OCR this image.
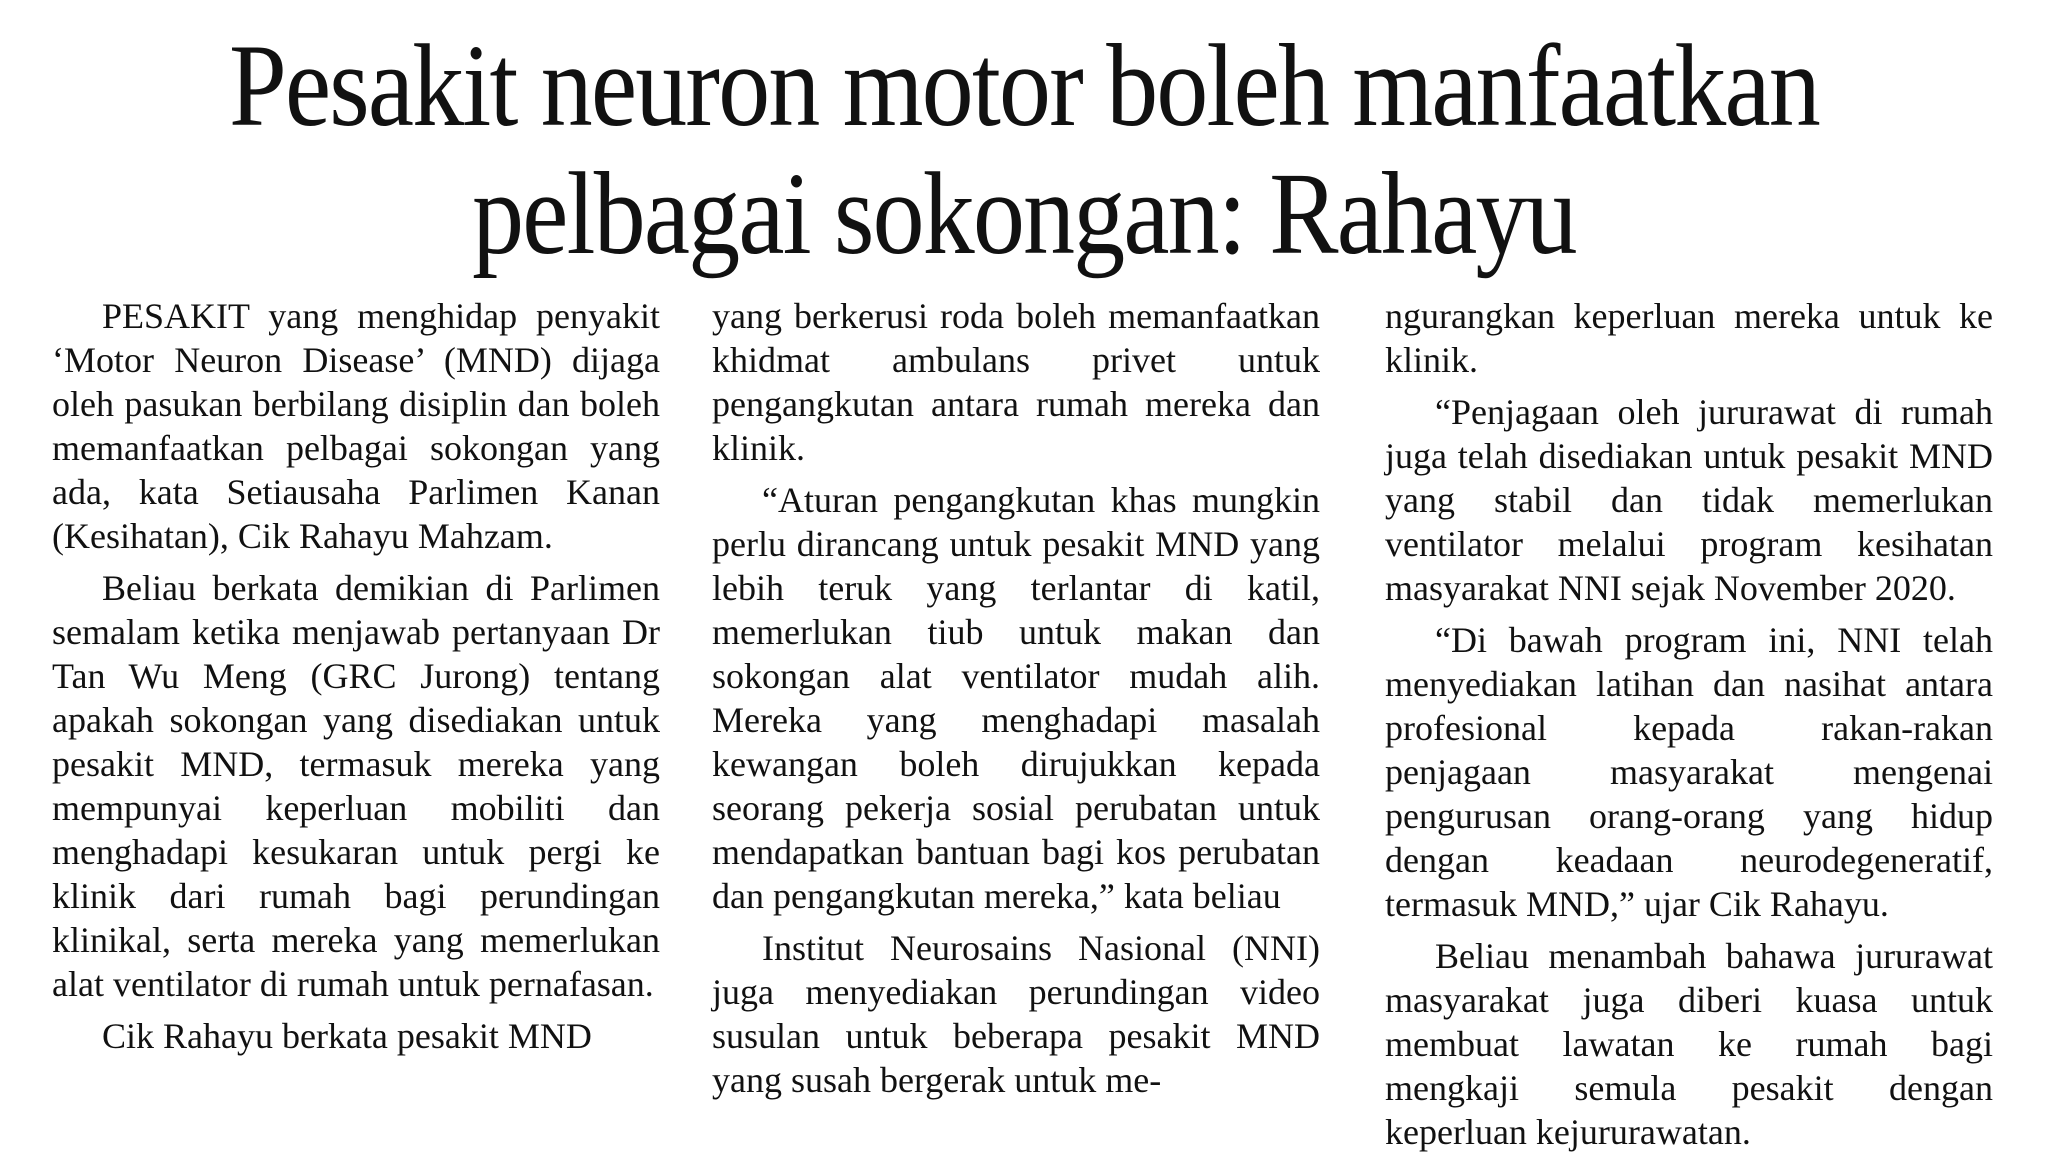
Pesakit neuron motor boleh manfaatkan
pelbagai sokongan: Rahayu

PESAKIT yang menghidap penyakit ‘Motor Neuron Disease’ (MND) dijaga oleh pasukan berbilang disiplin dan boleh memanfaatkan pelbagai sokongan yang ada, kata Setiausaha Parlimen Kanan (Kesihatan), Cik Rahayu Mahzam.

Beliau berkata demikian di Parlimen semalam ketika menjawab pertanyaan Dr Tan Wu Meng (GRC Jurong) tentang apakah sokongan yang disediakan untuk pesakit MND, termasuk mereka yang mempunyai keperluan mobiliti dan menghadapi kesukaran untuk pergi ke klinik dari rumah bagi perundingan klinikal, serta mereka yang memerlukan alat ventilator di rumah untuk pernafasan.

Cik Rahayu berkata pesakit MND

yang berkerusi roda boleh memanfaatkan khidmat ambulans privet untuk pengangkutan antara rumah mereka dan klinik.

“Aturan pengangkutan khas mungkin perlu dirancang untuk pesakit MND yang lebih teruk yang terlantar di katil, memerlukan tiub untuk makan dan sokongan alat ventilator mudah alih. Mereka yang menghadapi masalah kewangan boleh dirujukkan kepada seorang pekerja sosial perubatan untuk mendapatkan bantuan bagi kos perubatan dan pengangkutan mereka,” kata beliau

Institut Neurosains Nasional (NNI) juga menyediakan perundingan video susulan untuk beberapa pesakit MND yang susah bergerak untuk me-

ngurangkan keperluan mereka untuk ke klinik.

“Penjagaan oleh jururawat di rumah juga telah disediakan untuk pesakit MND yang stabil dan tidak memerlukan ventilator melalui program kesihatan masyarakat NNI sejak November 2020.

“Di bawah program ini, NNI telah menyediakan latihan dan nasihat antara profesional kepada rakan-rakan penjagaan masyarakat mengenai pengurusan orang-orang yang hidup dengan keadaan neurodegeneratif, termasuk MND,” ujar Cik Rahayu.

Beliau menambah bahawa jururawat masyarakat juga diberi kuasa untuk membuat lawatan ke rumah bagi mengkaji semula pesakit dengan keperluan kejururawatan.
